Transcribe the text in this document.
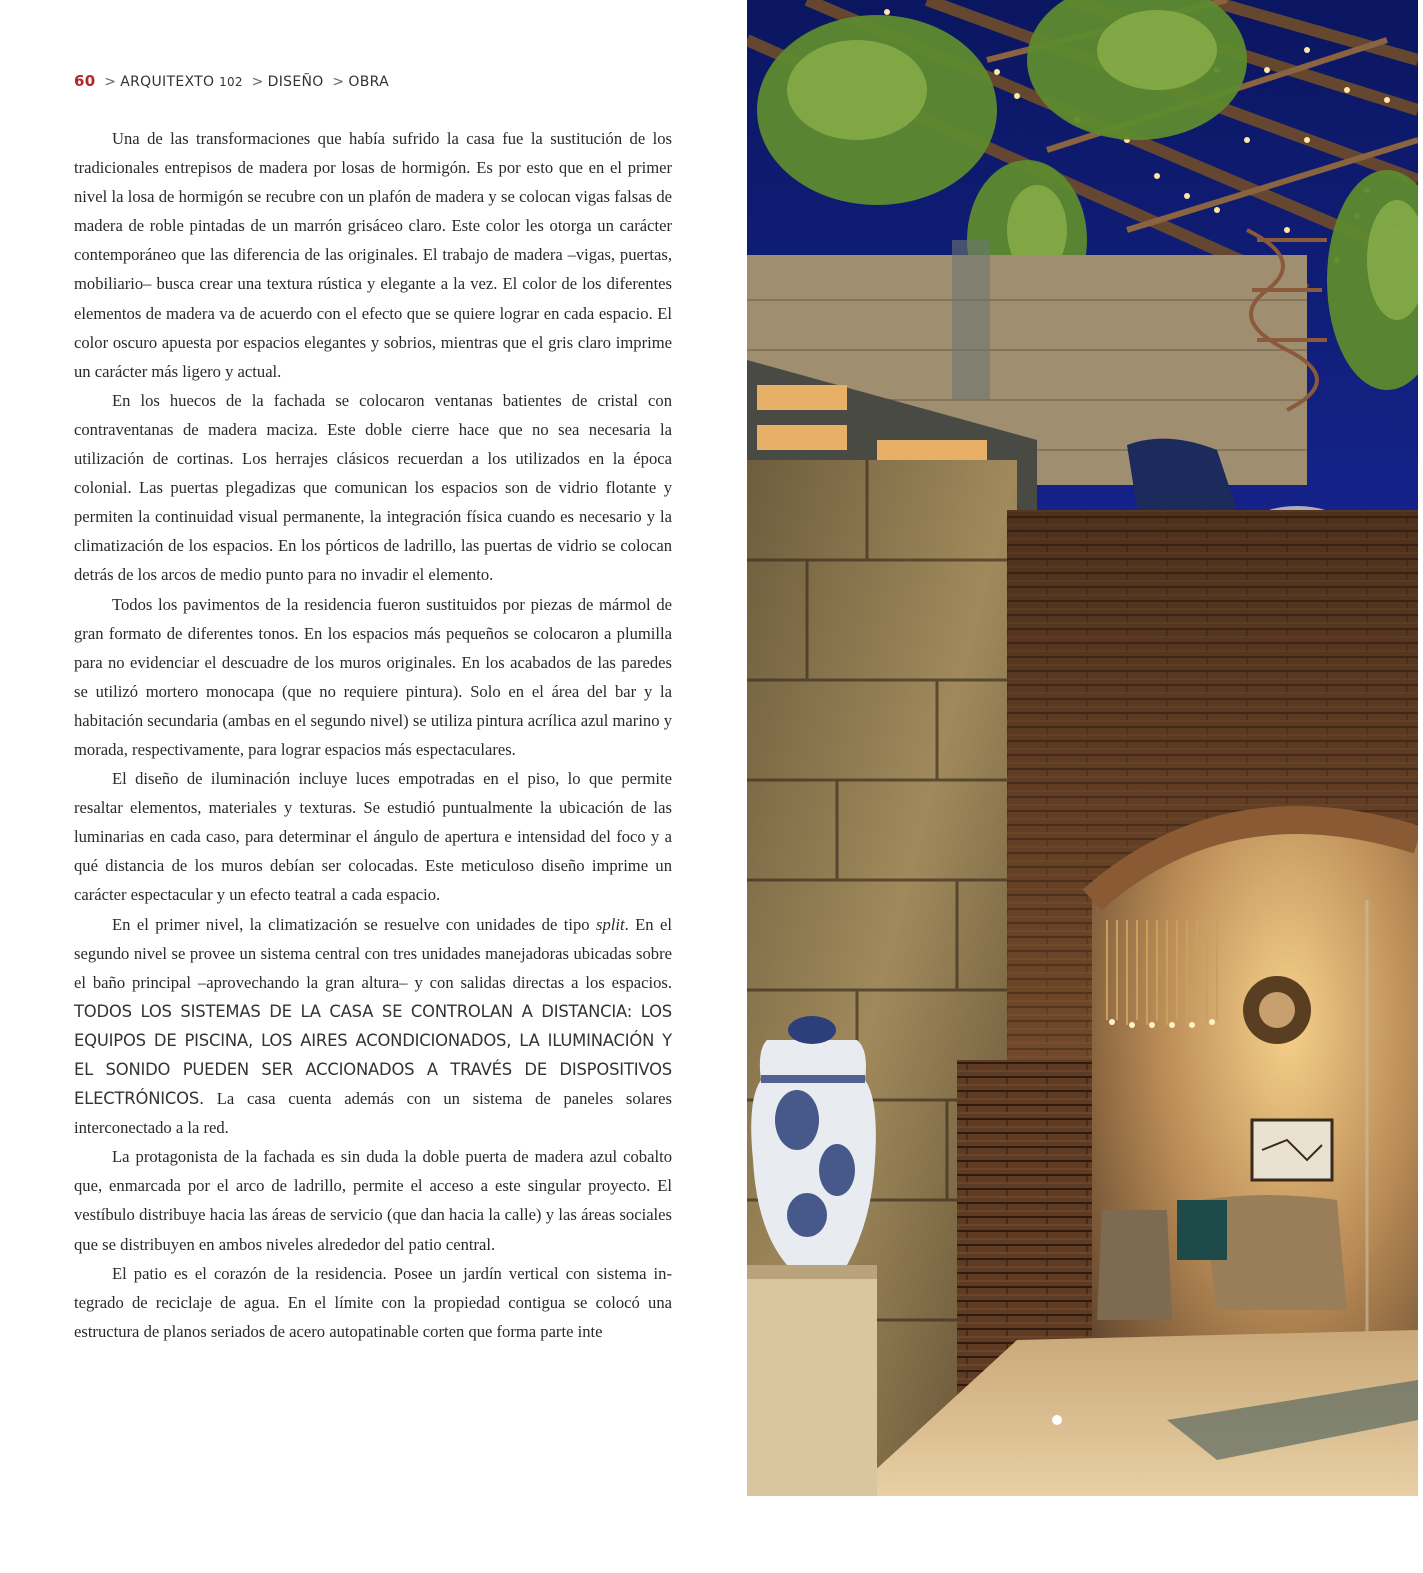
60 > ARQUITEXTO 102 > DISEÑO > OBRA

Una de las transformaciones que había sufrido la casa fue la sustitución de los tradicionales entrepisos de madera por losas de hormigón. Es por esto que en el primer nivel la losa de hormigón se recubre con un plafón de madera y se colocan vigas falsas de madera de roble pintadas de un marrón grisáceo claro. Este color les otorga un carácter contemporáneo que las diferencia de las originales. El trabajo de madera –vigas, puertas, mobiliario– busca crear una textura rústica y elegante a la vez. El color de los diferentes elementos de madera va de acuerdo con el efecto que se quiere lograr en cada espacio. El color oscuro apuesta por espacios elegantes y sobrios, mientras que el gris claro imprime un carácter más ligero y actual.

En los huecos de la fachada se colocaron ventanas batientes de cristal con contraventanas de madera maciza. Este doble cierre hace que no sea necesaria la utilización de cortinas. Los herrajes clásicos recuerdan a los utilizados en la época colonial. Las puertas plegadizas que comunican los espacios son de vidrio flotante y permiten la continuidad visual permanente, la integración física cuando es necesario y la climatización de los espacios. En los pórticos de ladrillo, las puertas de vidrio se colocan detrás de los arcos de medio punto para no invadir el elemento.

Todos los pavimentos de la residencia fueron sustituidos por piezas de mármol de gran formato de diferentes tonos. En los espacios más pequeños se colocaron a plumilla para no evidenciar el descuadre de los muros originales. En los acabados de las paredes se utilizó mortero monocapa (que no requiere pintura). Solo en el área del bar y la habitación secundaria (ambas en el segundo nivel) se utiliza pintura acrílica azul marino y morada, respectivamente, para lograr espacios más espectaculares.

El diseño de iluminación incluye luces empotradas en el piso, lo que permite resaltar elementos, materiales y texturas. Se estudió puntualmente la ubicación de las luminarias en cada caso, para determinar el ángulo de apertura e intensidad del foco y a qué distancia de los muros debían ser colocadas. Este meticuloso diseño imprime un carácter espectacular y un efecto teatral a cada espacio.

En el primer nivel, la climatización se resuelve con unidades de tipo split. En el segundo nivel se provee un sistema central con tres unidades manejadoras ubicadas sobre el baño principal –aprovechando la gran altura– y con salidas directas a los espacios. TODOS LOS SISTEMAS DE LA CASA SE CONTROLAN A DISTANCIA: LOS EQUIPOS DE PISCINA, LOS AIRES ACONDICIONADOS, LA ILUMINACIÓN Y EL SONIDO PUEDEN SER ACCIONADOS A TRAVÉS DE DISPOSITIVOS ELECTRÓNICOS. La casa cuenta además con un sistema de paneles solares interconectado a la red.

La protagonista de la fachada es sin duda la doble puerta de madera azul cobalto que, enmarcada por el arco de ladrillo, permite el acceso a este singular proyecto. El vestíbulo distribuye hacia las áreas de servicio (que dan hacia la calle) y las áreas sociales que se distribuyen en ambos niveles alrededor del patio central.

El patio es el corazón de la residencia. Posee un jardín vertical con sistema integrado de reciclaje de agua. En el límite con la propiedad contigua se colocó una estructura de planos seriados de acero autopatinable corten que forma parte inte
